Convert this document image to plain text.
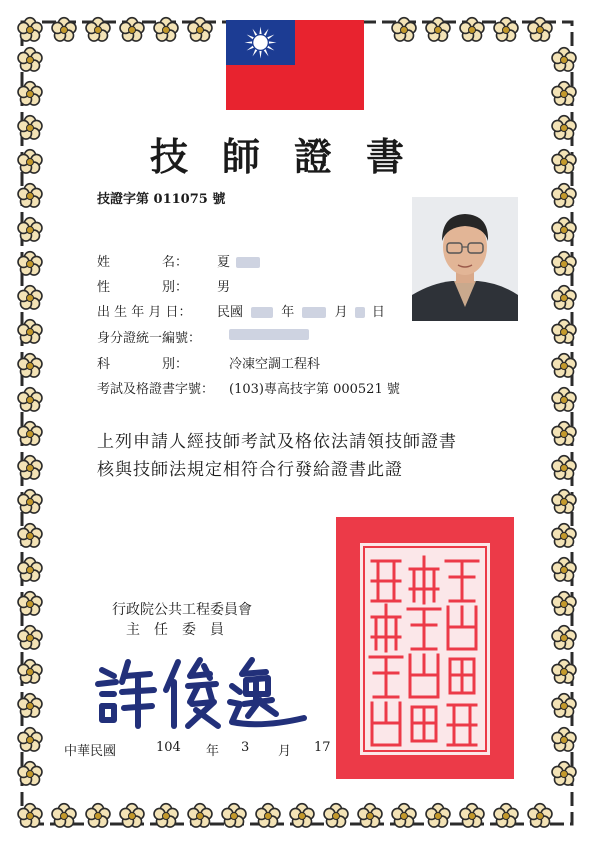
技師證書
技證字第 011075 號
姓　　　　名： 夏
性　　　　別： 男
出 生 年 月 日： 民國	年	月 日
身分證統一編號：
科　　　　別：	冷凍空調工程科
考試及格證書字號： (103)專高技字第 000521 號
上列申請人經技師考試及格依法請領技師證書
核與技師法規定相符合行發給證書此證
行政院公共工程委員會
主　任　委　員
中華民國	104 年 3 月 17
